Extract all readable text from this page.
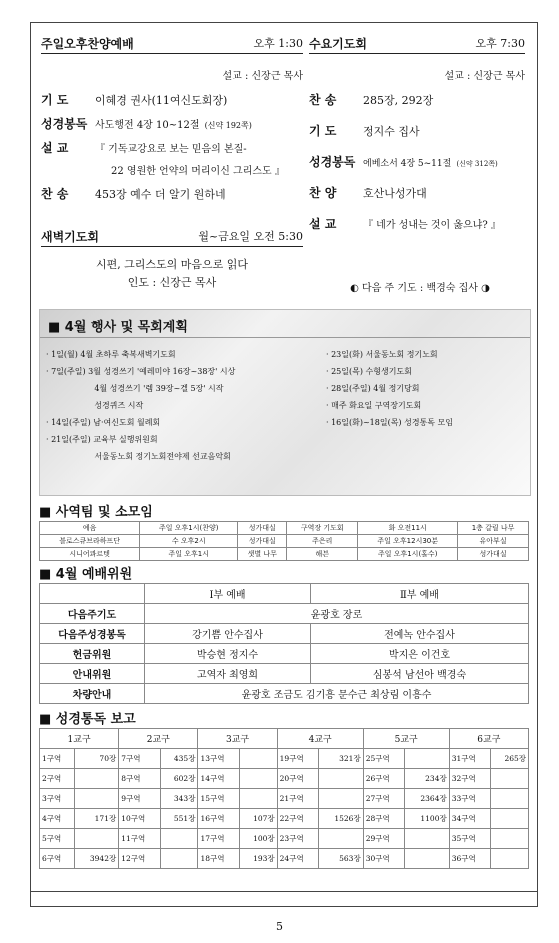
주일오후찬양예배	오후 1:30
설교 : 신장근 목사
기 도 이혜경 권사(11여신도회장)
성경봉독 사도행전 4장 10~12절 (신약 192쪽)
설 교	『 기독교강요로 보는 믿음의 본질-
22 영원한 언약의 머리이신 그리스도 』
찬 송 453장 예수 더 알기 원하네
새벽기도회	월~금요일 오전 5:30
시편, 그리스도의 마음으로 읽다
인도 : 신장근 목사
수요기도회	오후 7:30
설교 : 신장근 목사
찬 송 285장, 292장
기 도 정지수 집사
성경봉독 에베소서 4장 5~11절 (신약 312쪽)
찬 양 호산나성가대
설 교	『 네가 성내는 것이 옳으냐? 』
◐ 다음 주 기도 : 백경숙 집사 ◑
■ 4월 행사 및 목회계획
· 1일(월) 4월 초하루 축복새벽기도회
· 7일(주일) 3월 성경쓰기 '예레미야 16장~38장' 시상
4월 성경쓰기 '렘 39장~겔 5장' 시작
성경퀴즈 시작
· 14일(주일) 남·여신도회 월례회
· 21일(주일) 교육부 실행위원회
서울동노회 정기노회전야제 선교음악회
· 23일(화) 서울동노회 정기노회
· 25일(목) 수형생기도회
· 28일(주일) 4월 정기당회
· 매주 화요일 구역장기도회
· 16일(화)~18일(목) 성경통독 모임
■ 사역팀 및 소모임
예음	주일 오후1시(찬양)	성가대실	구역장 기도회	화 오전11시	1층 갈릴 나무
블로스큐브라하프단	수 오후2시	성가대실	주은리	주일 오후12시30분	유아부실
시니어콰르텟	주일 오후1시	샛별 나무	해븐	주일 오후1시(홀수)	성가대실
■ 4월 예배위원
	Ⅰ부 예배	Ⅱ부 예배
다음주기도	윤광호 장로	
다음주성경봉독	강기쁨 안수집사	전예녹 안수집사
헌금위원	박승현 정지수	박지은 이건호
안내위원	고역자 최영희	심봉석 남선아 백경숙
차량안내	윤광호 조금도 김기흥 문수근 최상림 이흥수	
■ 성경통독 보고
1교구		2교구		3교구		4교구		5교구		6교구	
1구역	70장	7구역	435장	13구역		19구역	321장	25구역		31구역	265장
2구역		8구역	602장	14구역		20구역		26구역	234장	32구역	
3구역		9구역	343장	15구역		21구역		27구역	2364장	33구역	
4구역	171장	10구역	551장	16구역	107장	22구역	1526장	28구역	1100장	34구역	
5구역		11구역		17구역	100장	23구역		29구역		35구역	
6구역	3942장	12구역		18구역	193장	24구역	563장	30구역		36구역	
5
